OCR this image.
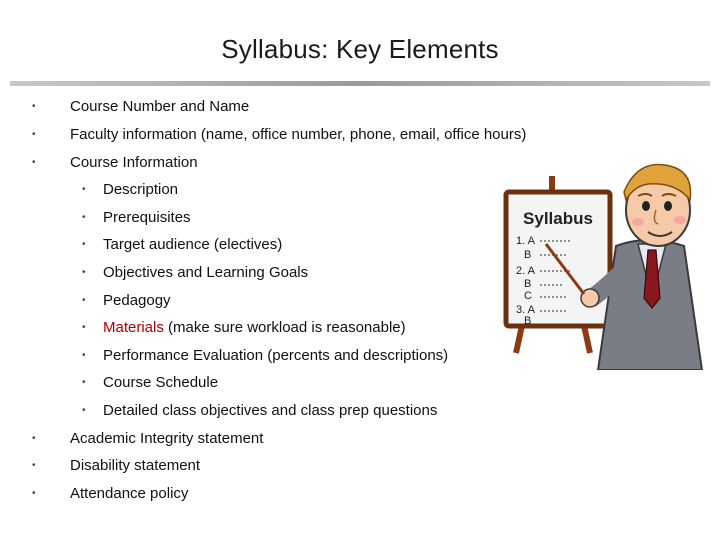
Syllabus: Key Elements
• Course Number and Name
• Faculty information (name, office number, phone, email, office hours)
• Course Information
• Description
• Prerequisites
• Target audience (electives)
• Objectives and Learning Goals
• Pedagogy
• Materials (make sure workload is reasonable)
• Performance Evaluation (percents and descriptions)
• Course Schedule
• Detailed class objectives and class prep questions
• Academic Integrity statement
• Disability statement
• Attendance policy
Syllabus
1. A
B
2. A
B
C
3. A
B
